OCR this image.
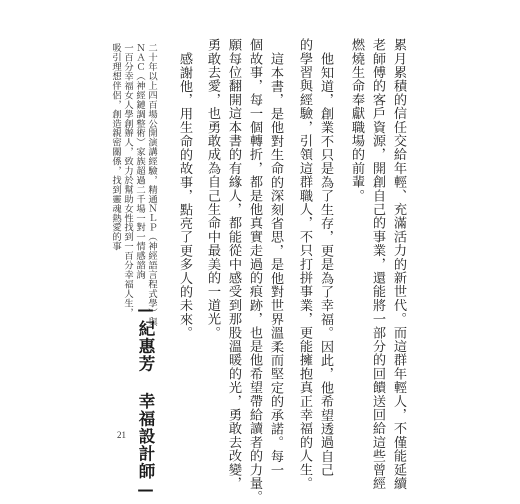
累月累積的信任交給年輕、充滿活力的新世代。而這群年輕人，不僅能延續
老師傅的客戶資源，開創自己的事業，還能將一部分的回饋送回給這些曾經
燃燒生命奉獻職場的前輩。
他知道，創業不只是為了生存，更是為了幸福。因此，他希望透過自己
的學習與經驗，引領這群職人，不只打拼事業，更能擁抱真正幸福的人生。
這本書，是他對生命的深刻省思，是他對世界溫柔而堅定的承諾。每一
個故事，每一個轉折，都是他真實走過的痕跡，也是他希望帶給讀者的力量。
願每位翻開這本書的有緣人，都能從中感受到那股溫暖的光，勇敢去改變，
勇敢去愛，也勇敢成為自己生命中最美的一道光。
感謝他，用生命的故事，點亮了更多人的未來。
二十年以上四百場公開演講經驗，精通ＮＬＰ（神經語言程式學）與
ＮＡＣ（神經鏈調整術）家族超過二千場一對一情感諮詢
一百分幸福女人學創辦人，致力於幫助女性找到一百分幸福人生，
吸引理想伴侶，創造親密關係，找到靈魂熱愛的事
—紀惠芳 幸福設計師—
21
